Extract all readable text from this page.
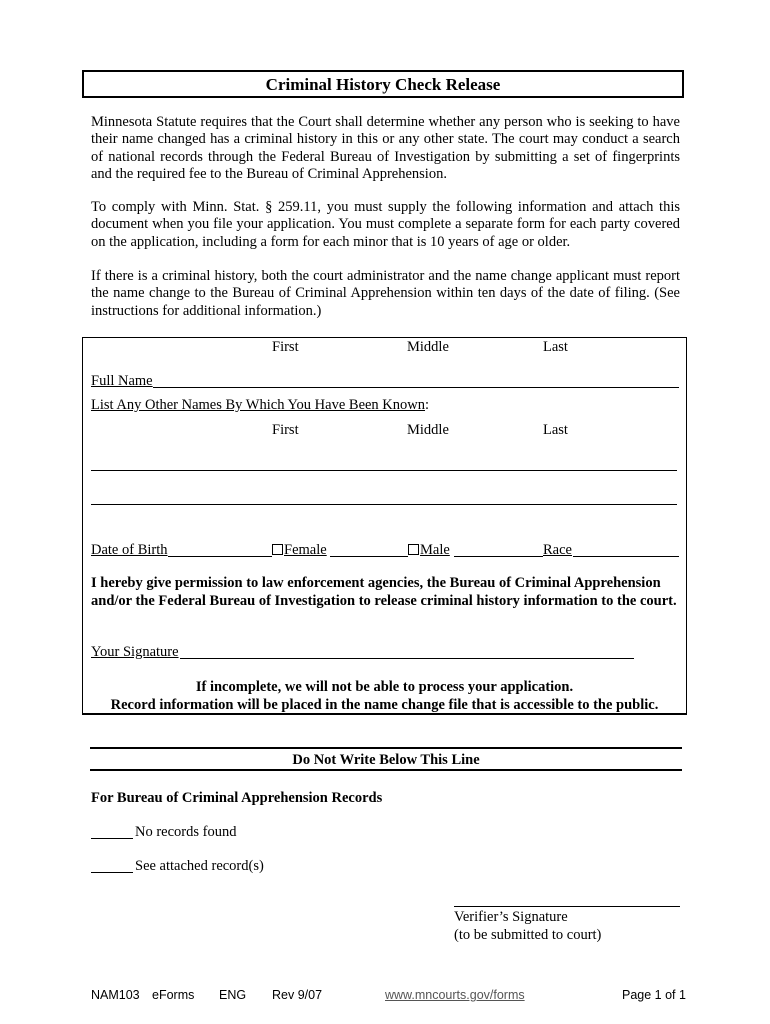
Criminal History Check Release

Minnesota Statute requires that the Court shall determine whether any person who is seeking to have their name changed has a criminal history in this or any other state. The court may conduct a search of national records through the Federal Bureau of Investigation by submitting a set of fingerprints and the required fee to the Bureau of Criminal Apprehension.

To comply with Minn. Stat. § 259.11, you must supply the following information and attach this document when you file your application. You must complete a separate form for each party covered on the application, including a form for each minor that is 10 years of age or older.

If there is a criminal history, both the court administrator and the name change applicant must report the name change to the Bureau of Criminal Apprehension within ten days of the date of filing. (See instructions for additional information.)

First	Middle	Last
Full Name
List Any Other Names By Which You Have Been Known:
First	Middle	Last
Date of Birth	Female	Male	Race
I hereby give permission to law enforcement agencies, the Bureau of Criminal Apprehension and/or the Federal Bureau of Investigation to release criminal history information to the court.
Your Signature
If incomplete, we will not be able to process your application.
Record information will be placed in the name change file that is accessible to the public.
Do Not Write Below This Line
For Bureau of Criminal Apprehension Records
No records found
See attached record(s)
Verifier’s Signature
(to be submitted to court)
NAM103 eForms ENG Rev 9/07	www.mncourts.gov/forms	Page 1 of 1
